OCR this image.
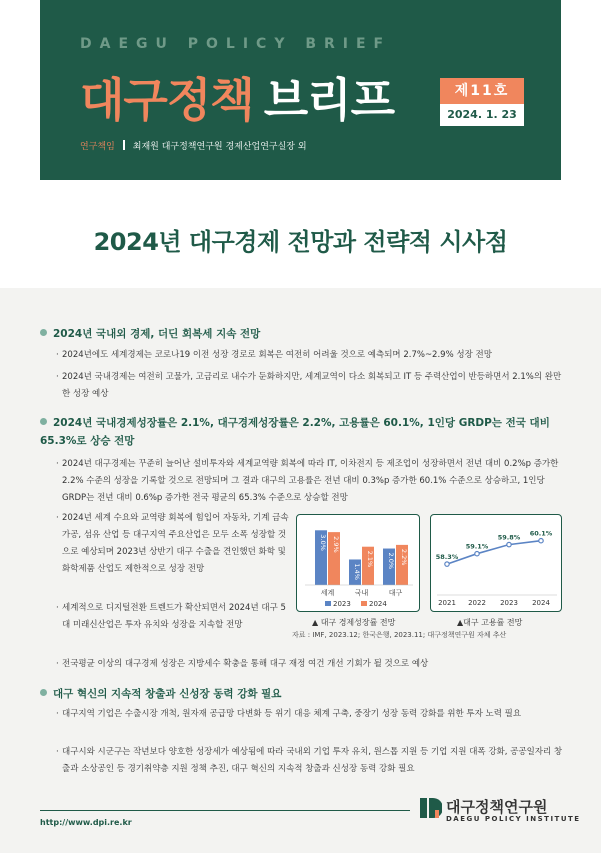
DAEGU POLICY BRIEF
대구정책 브리프	제11호
2024. 1. 23
연구책임 최재원 대구정책연구원 경제산업연구실장 외
2024년 대구경제 전망과 전략적 시사점
2024년 국내외 경제, 더딘 회복세 지속 전망
· 2024년에도 세계경제는 코로나19 이전 성장 경로로 회복은 여전히 어려울 것으로 예측되며 2.7%~2.9% 성장 전망
· 2024년 국내경제는 여전히 고물가, 고금리로 내수가 둔화하지만, 세계교역이 다소 회복되고 IT 등 주력산업이 반등하면서 2.1%의 완만한 성장 예상
2024년 국내경제성장률은 2.1%, 대구경제성장률은 2.2%, 고용률은 60.1%, 1인당 GRDP는 전국 대비 65.3%로 상승 전망
· 2024년 대구경제는 꾸준히 늘어난 설비투자와 세계교역량 회복에 따라 IT, 이차전지 등 제조업이 성장하면서 전년 대비 0.2%p 증가한 2.2% 수준의 성장을 기록할 것으로 전망되며 그 결과 대구의 고용률은 전년 대비 0.3%p 증가한 60.1% 수준으로 상승하고, 1인당 GRDP는 전년 대비 0.6%p 증가한 전국 평균의 65.3% 수준으로 상승할 전망
· 2024년 세계 수요와 교역량 회복에 힘입어 자동차, 기계 금속가공, 섬유 산업 등 대구지역 주요산업은 모두 소폭 성장할 것으로 예상되며 2023년 상반기 대구 수출을 견인했던 화학 및 화학제품 산업도 제한적으로 성장 전망
· 세계적으로 디지털전환 트렌드가 확산되면서 2024년 대구 5대 미래신산업은 투자 유치와 성장을 지속할 전망
· 전국평균 이상의 대구경제 성장은 지방세수 확충을 통해 대구 재정 여건 개선 기회가 될 것으로 예상
3.0% 2.9%
세계
1.4%
2.1%
국내
2.0% 2.2%
대구
2023	2024
▲ 대구 경제성장률 전망
58.3%
2021
59.1%
2022
59.8%
2023
60.1%
2024
▲대구 고용률 전망
자료 : IMF, 2023.12; 한국은행, 2023.11; 대구정책연구원 자체 추산
대구 혁신의 지속적 창출과 신성장 동력 강화 필요
· 대구지역 기업은 수출시장 개척, 원자재 공급망 다변화 등 위기 대응 체계 구축, 중장기 성장 동력 강화를 위한 투자 노력 필요
· 대구시와 시군구는 작년보다 양호한 성장세가 예상됨에 따라 국내외 기업 투자 유치, 원스톱 지원 등 기업 지원 대폭 강화, 공공일자리 창출과 소상공인 등 경기취약층 지원 정책 추진, 대구 혁신의 지속적 창출과 신성장 동력 강화 필요
http://www.dpi.re.kr
대구정책연구원
DAEGU POLICY INSTITUTE
